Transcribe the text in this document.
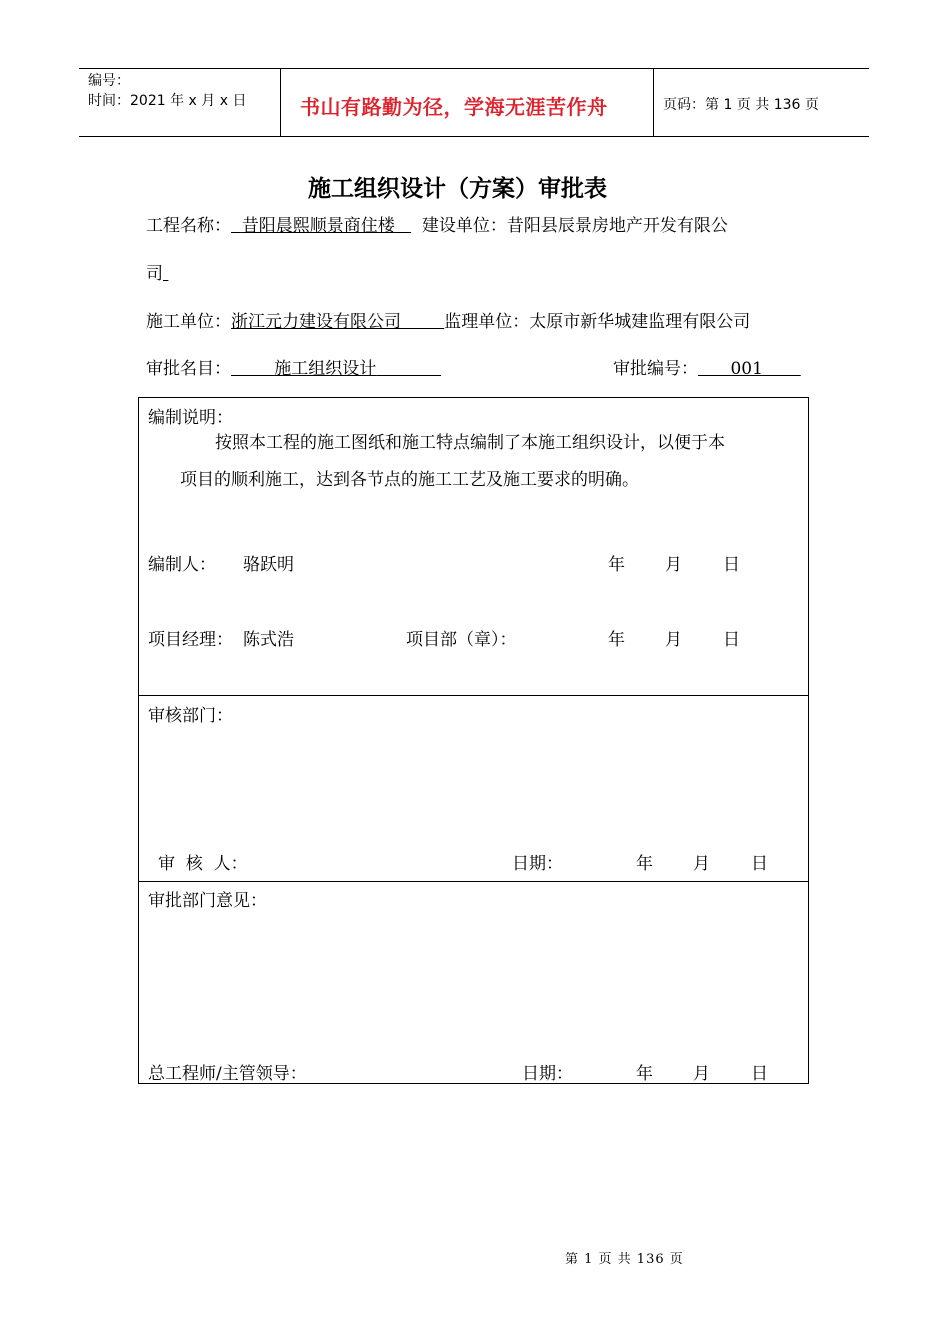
编号：
时间：2021 年 x 月 x 日	书山有路勤为径，学海无涯苦作舟	页码：第 1 页 共 136 页
施工组织设计（方案）审批表
工程名称： 昔阳晨熙顺景商住楼 建设单位：昔阳县辰景房地产开发有限公
司
施工单位：浙江元力建设有限公司	监理单位：太原市新华城建监理有限公司
审批名目：	施工组织设计	审批编号： 001
编制说明：
按照本工程的施工图纸和施工特点编制了本施工组织设计，以便于本
项目的顺利施工，达到各节点的施工工艺及施工要求的明确。
编制人： 骆跃明	年 月 日
项目经理： 陈式浩	项目部（章）：	年 月 日
审核部门：
审  核  人：	日期：	年 月 日
审批部门意见：
总工程师/主管领导：	日期：	年 月 日
第 1 页 共 136 页
